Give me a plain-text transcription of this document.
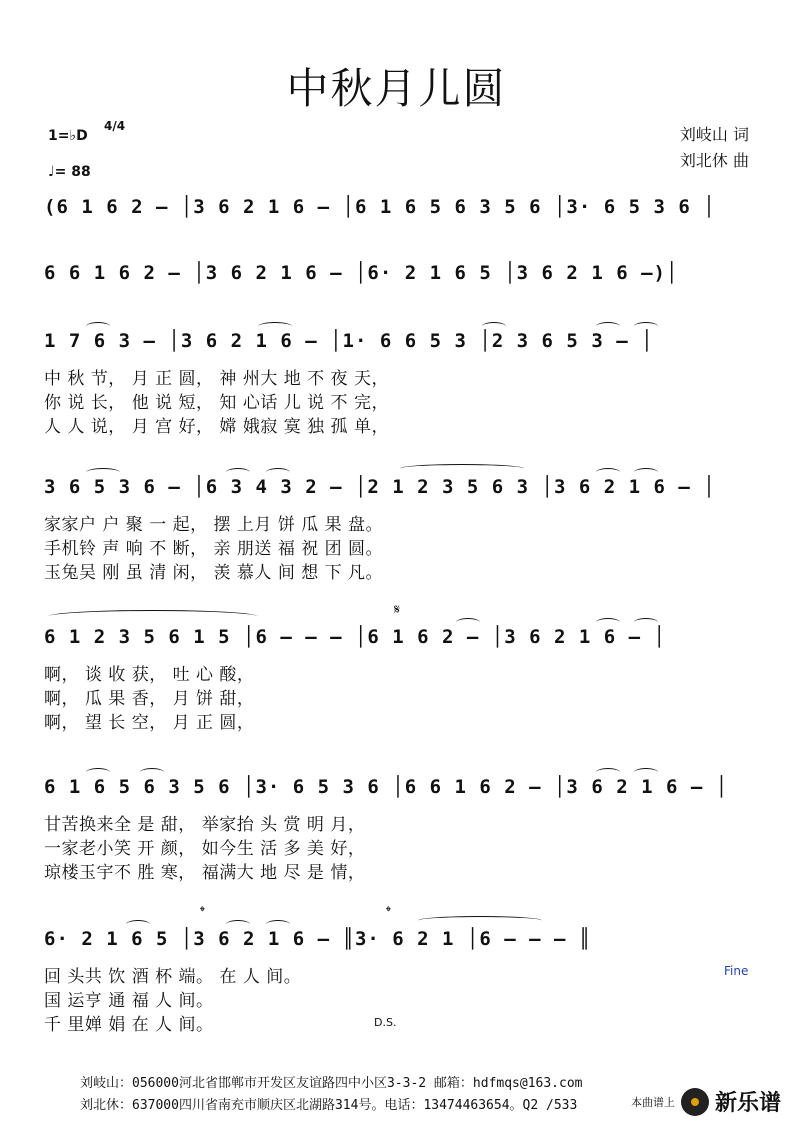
中秋月儿圆
1=♭D
4/4
♩= 88
刘岐山 词
刘北休 曲
(6 1 6 2 – │3 6 2 1 6 – │6 1 6 5 6 3 5 6 │3· 6 5 3 6 │
6 6 1 6 2 – │3 6 2 1 6 – │6· 2 1 6 5 │3 6 2 1 6 –)│
1 7 6 3 – │3 6 2 1 6 – │1· 6 6 5 3 │2 3 6 5 3 – │
中 秋 节， 月 正 圆， 神 州大 地 不 夜 天，
你 说 长， 他 说 短， 知 心话 儿 说 不 完，
人 人 说， 月 宫 好， 嫦 娥寂 寞 独 孤 单，
3 6 5 3 6 – │6 3 4 3 2 – │2 1 2 3 5 6 3 │3 6 2 1 6 – │
家家户 户 聚 一 起， 摆 上月 饼 瓜 果 盘。
手机铃 声 响 不 断， 亲 朋送 福 祝 团 圆。
玉兔吴 刚 虽 清 闲， 羡 慕人 间 想 下 凡。
𝄋
6 1 2 3 5 6 1 5 │6 – – – │6 1 6 2 – │3 6 2 1 6 – │
啊， 谈 收 获， 吐 心 酸，
啊， 瓜 果 香， 月 饼 甜，
啊， 望 长 空， 月 正 圆，
6 1 6 5 6 3 5 6 │3· 6 5 3 6 │6 6 1 6 2 – │3 6 2 1 6 – │
甘苦换来全 是 甜， 举家抬 头 赏 明 月，
一家老小笑 开 颜， 如今生 活 多 美 好，
琼楼玉宇不 胜 寒， 福满大 地 尽 是 情，
𝄌	𝄌
6· 2 1 6 5 │3 6 2 1 6 – ║3· 6 2 1 │6 – – – ║
回 头共 饮 酒 杯 端。 在 人 间。
国 运亨 通 福 人 间。
千 里婵 娟 在 人 间。
Fine
D.S.
刘岐山：056000河北省邯郸市开发区友谊路四中小区3-3-2 邮箱：hdfmqs@163.com
刘北休：637000四川省南充市顺庆区北湖路314号。电话：13474463654。Q2 /533	本曲谱上 新乐谱
